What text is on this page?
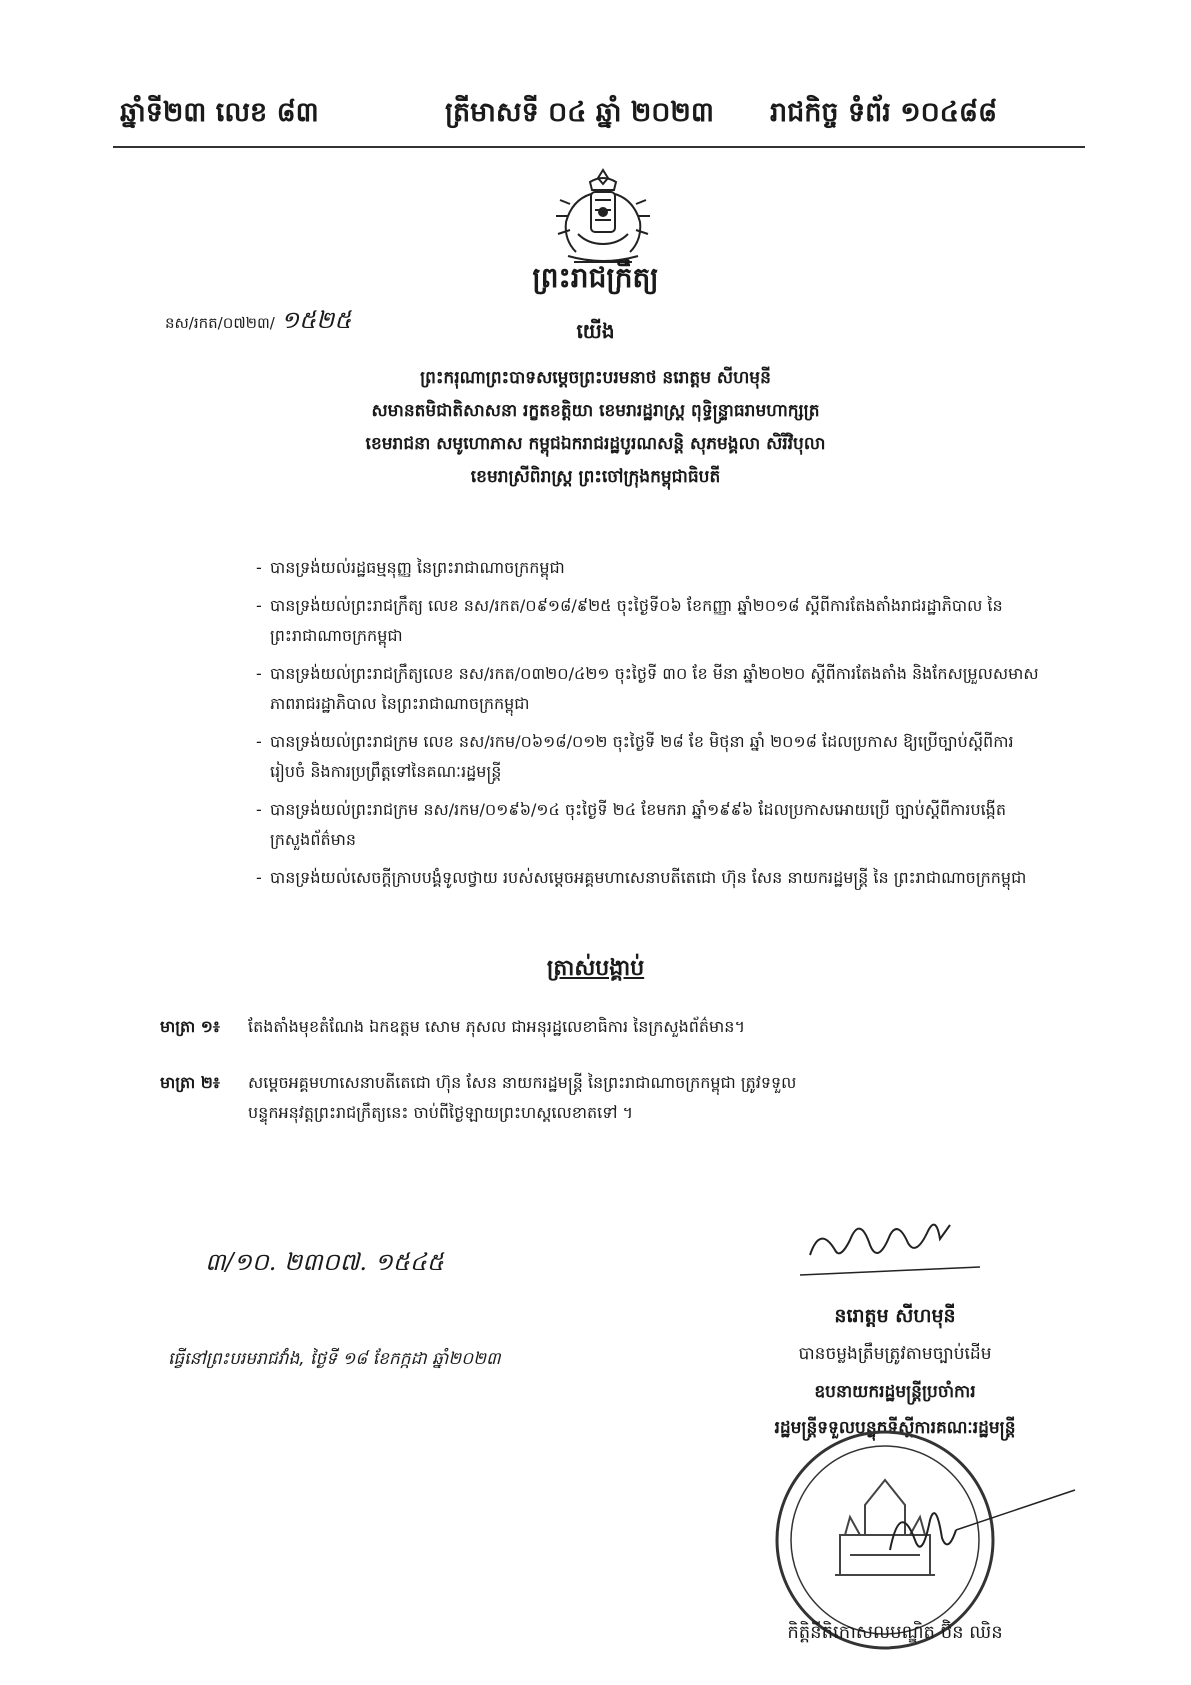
ឆ្នាំទី២៣ លេខ ៨៣	ត្រីមាសទី ០៤ ឆ្នាំ ២០២៣ រាជកិច្ច ទំព័រ ១០៤៨៨
ព្រះរាជក្រឹត្យ
នស/រកត/០៧២៣/ ១៥២៥	យើង
ព្រះករុណាព្រះបាទសម្តេចព្រះបរមនាថ នរោត្តម សីហមុនី
សមានតមិជាតិសាសនា រក្ខតខត្តិយា ខេមរារដ្ឋរាស្ត្រ ពុទ្ធិន្ទ្រាធរាមហាក្សត្រ
ខេមរាជនា សមូហោភាស កម្ពុជឯករាជរដ្ឋបូរណសន្តិ សុភមង្គលា សិរីវិបុលា
ខេមរាស្រីពិរាស្ត្រ ព្រះចៅក្រុងកម្ពុជាធិបតី
- បានទ្រង់យល់រដ្ឋធម្មនុញ្ញ នៃព្រះរាជាណាចក្រកម្ពុជា
- បានទ្រង់យល់ព្រះរាជក្រឹត្យ លេខ នស/រកត/០៩១៨/៩២៥ ចុះថ្ងៃទី០៦ ខែកញ្ញា ឆ្នាំ២០១៨ ស្តីពីការតែងតាំងរាជរដ្ឋាភិបាល នៃព្រះរាជាណាចក្រកម្ពុជា
- បានទ្រង់យល់ព្រះរាជក្រឹត្យលេខ នស/រកត/០៣២០/៤២១ ចុះថ្ងៃទី ៣០ ខែ មីនា ឆ្នាំ២០២០ ស្តីពីការតែងតាំង និងកែសម្រួលសមាសភាពរាជរដ្ឋាភិបាល នៃព្រះរាជាណាចក្រកម្ពុជា
- បានទ្រង់យល់ព្រះរាជក្រម លេខ នស/រកម/០៦១៨/០១២ ចុះថ្ងៃទី ២៨ ខែ មិថុនា ឆ្នាំ ២០១៨ ដែលប្រកាស ឱ្យប្រើច្បាប់ស្តីពីការរៀបចំ និងការប្រព្រឹត្តទៅនៃគណៈរដ្ឋមន្ត្រី
- បានទ្រង់យល់ព្រះរាជក្រម នស/រកម/០១៩៦/១៤ ចុះថ្ងៃទី ២៤ ខែមករា ឆ្នាំ១៩៩៦ ដែលប្រកាសអោយប្រើ ច្បាប់ស្តីពីការបង្កើតក្រសួងព័ត៌មាន
- បានទ្រង់យល់សេចក្តីក្រាបបង្គំទូលថ្វាយ របស់សម្តេចអគ្គមហាសេនាបតីតេជោ ហ៊ុន សែន នាយករដ្ឋមន្ត្រី នៃ ព្រះរាជាណាចក្រកម្ពុជា
ត្រាស់បង្គាប់
មាត្រា ១៖ តែងតាំងមុខតំណែង ឯកឧត្តម សោម ភុសល ជាអនុរដ្ឋលេខាធិការ នៃក្រសួងព័ត៌មាន។
មាត្រា ២៖ សម្តេចអគ្គមហាសេនាបតីតេជោ ហ៊ុន សែន នាយករដ្ឋមន្ត្រី នៃព្រះរាជាណាចក្រកម្ពុជា ត្រូវទទួល
បន្ទុកអនុវត្តព្រះរាជក្រឹត្យនេះ ចាប់ពីថ្ងៃឡាយព្រះហស្តលេខាតទៅ ។
៣/១០. ២៣០៧. ១៥៤៥
ធ្វើនៅព្រះបរមរាជវាំង, ថ្ងៃទី ១៨ ខែកក្កដា ឆ្នាំ២០២៣
នរោត្តម សីហមុនី
បានចម្លងត្រឹមត្រូវតាមច្បាប់ដើម
ឧបនាយករដ្ឋមន្ត្រីប្រចាំការ
រដ្ឋមន្ត្រីទទួលបន្ទុកទីស្តីការគណៈរដ្ឋមន្ត្រី
កិត្តិនីតិកោសលបណ្ឌិត ប៊ិន ឈិន
